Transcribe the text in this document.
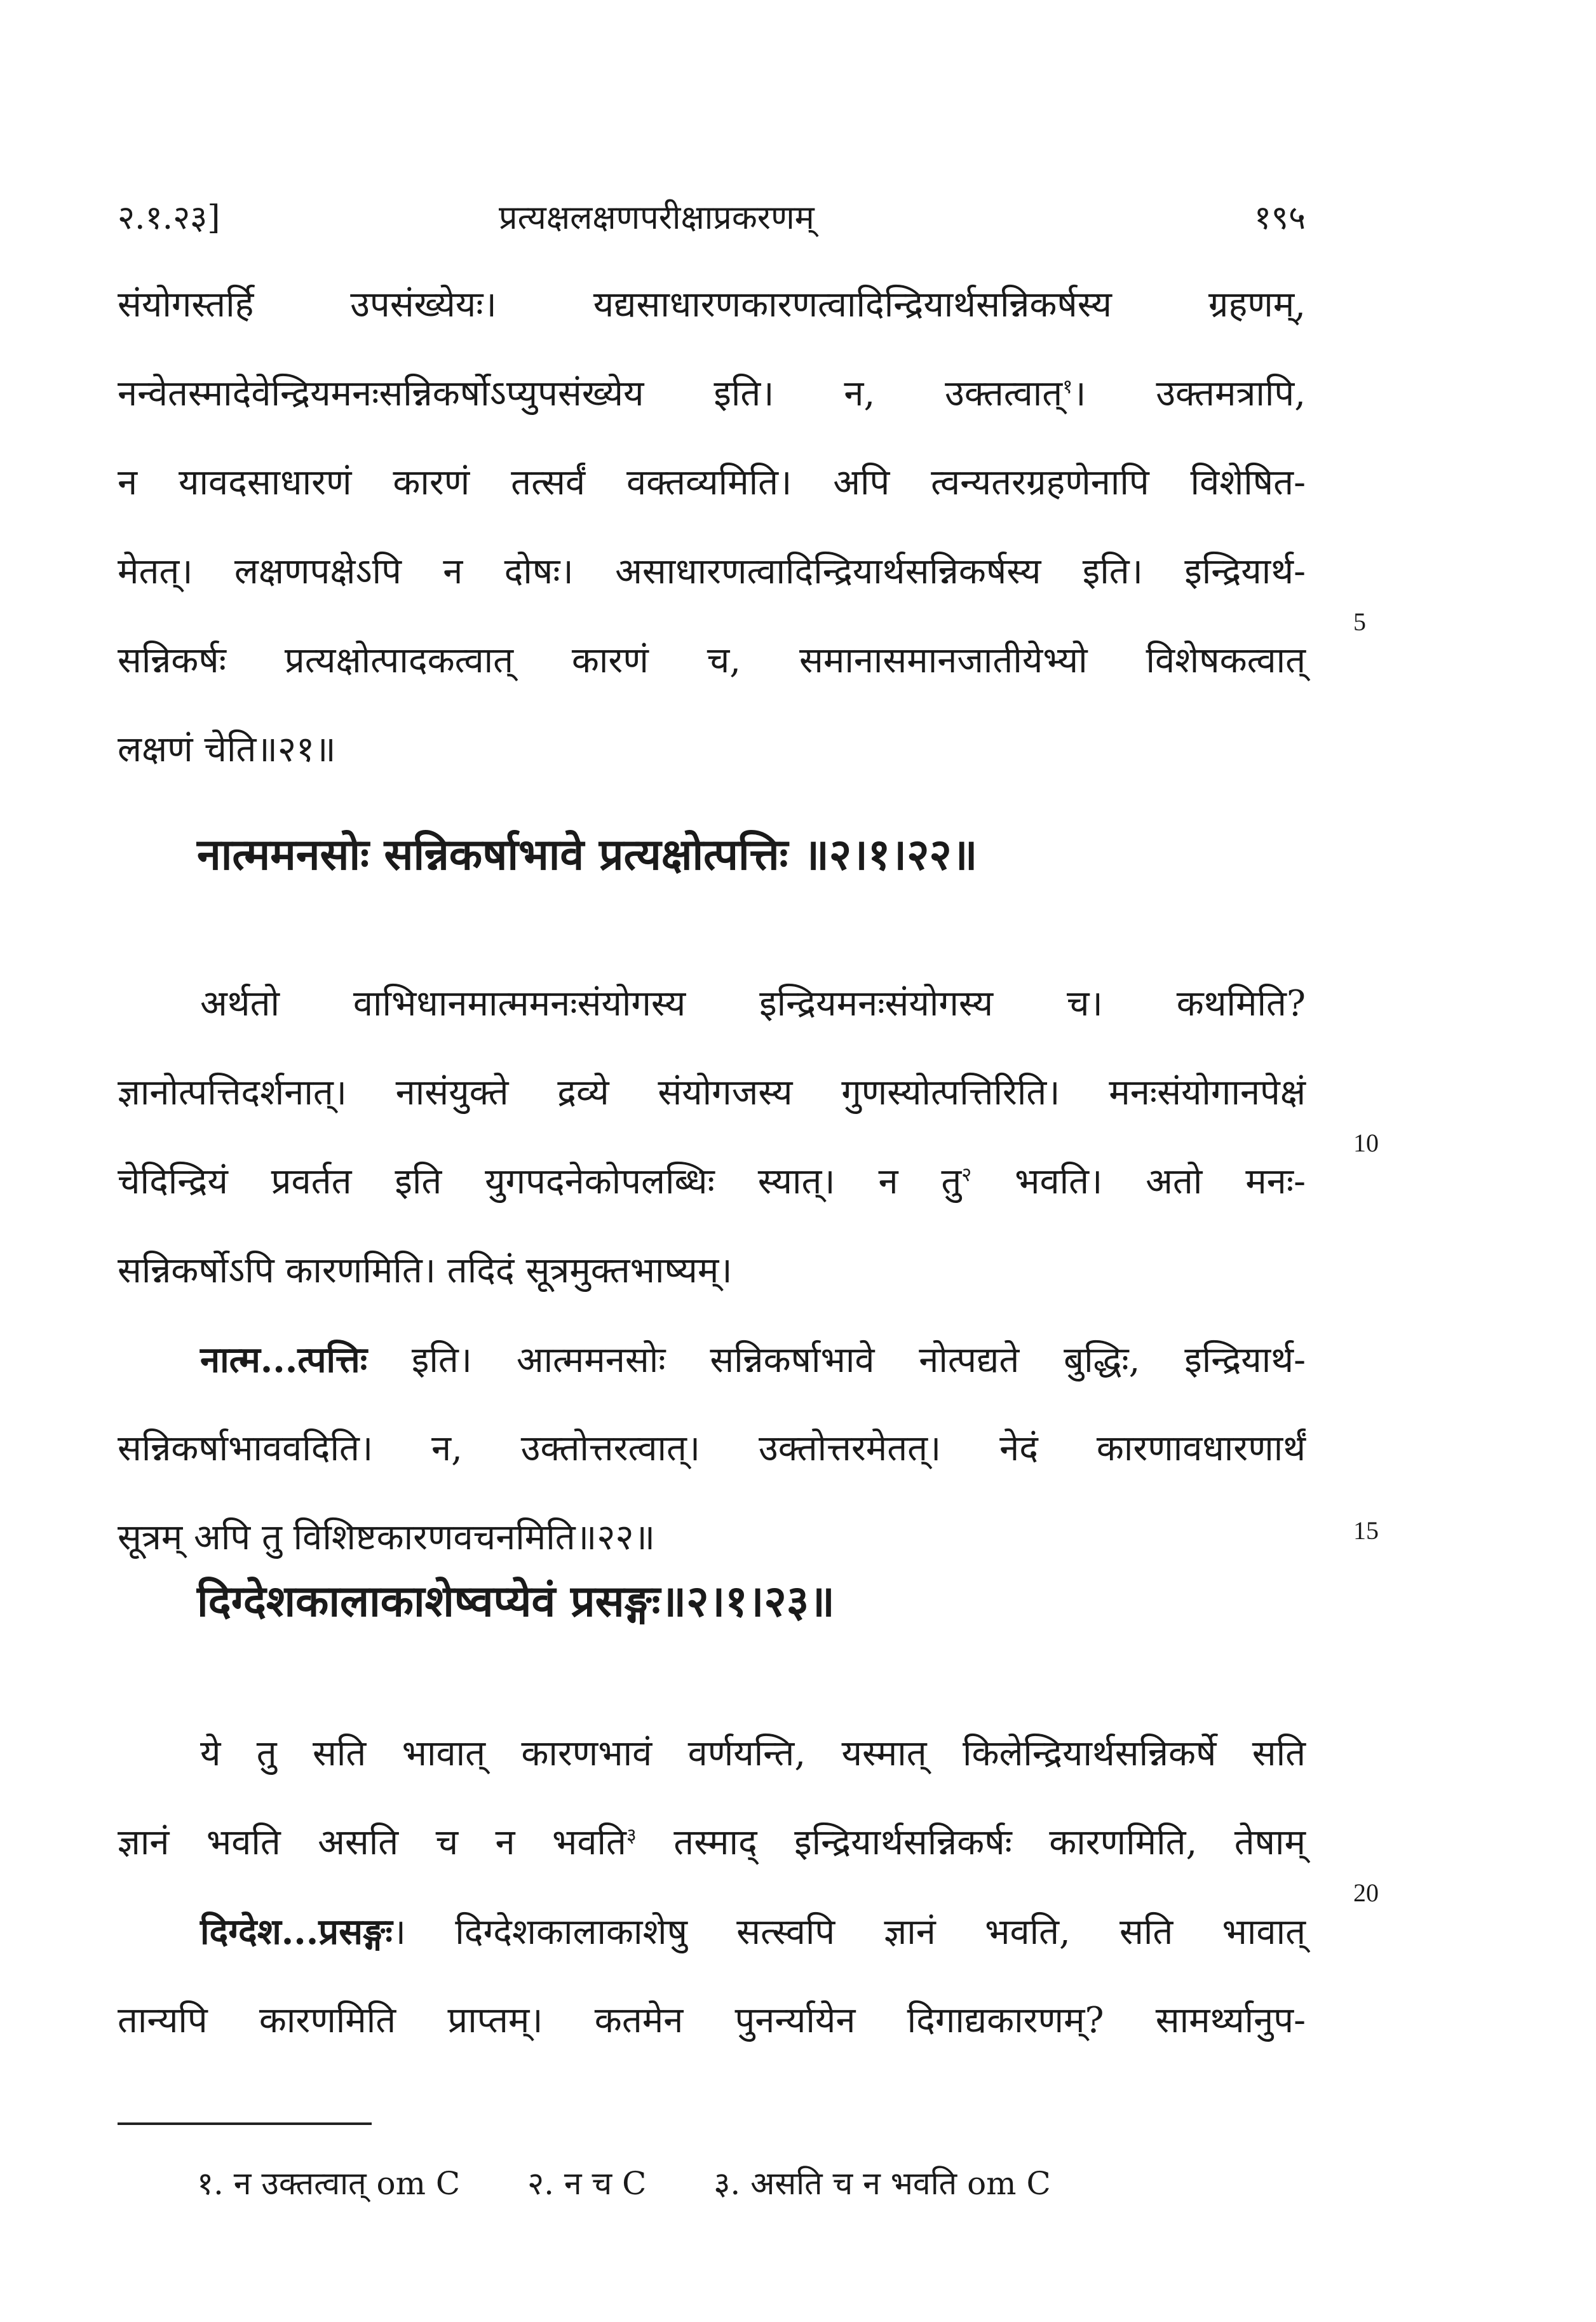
२.१.२३]	प्रत्यक्षलक्षणपरीक्षाप्रकरणम्	१९५
संयोगस्तर्हि उपसंख्येयः। यद्यसाधारणकारणत्वादिन्द्रियार्थसन्निकर्षस्य ग्रहणम्,
नन्वेतस्मादेवेन्द्रियमनःसन्निकर्षोऽप्युपसंख्येय इति। न, उक्तत्वात्$^१$। उक्तमत्रापि,
न यावदसाधारणं कारणं तत्सर्वं वक्तव्यमिति। अपि त्वन्यतरग्रहणेनापि विशेषित-
मेतत्। लक्षणपक्षेऽपि न दोषः। असाधारणत्वादिन्द्रियार्थसन्निकर्षस्य इति। इन्द्रियार्थ-
सन्निकर्षः प्रत्यक्षोत्पादकत्वात् कारणं च, समानासमानजातीयेभ्यो विशेषकत्वात्
लक्षणं चेति॥२१॥
5
नात्ममनसोः सन्निकर्षाभावे प्रत्यक्षोत्पत्तिः ॥२।१।२२॥
अर्थतो वाभिधानमात्ममनःसंयोगस्य इन्द्रियमनःसंयोगस्य च। कथमिति?
ज्ञानोत्पत्तिदर्शनात्। नासंयुक्ते द्रव्ये संयोगजस्य गुणस्योत्पत्तिरिति। मनःसंयोगानपेक्षं
चेदिन्द्रियं प्रवर्तत इति युगपदनेकोपलब्धिः स्यात्। न तु$^२$ भवति। अतो मनः-
सन्निकर्षोऽपि कारणमिति। तदिदं सूत्रमुक्तभाष्यम्।
नात्म...त्पत्तिः इति। आत्ममनसोः सन्निकर्षाभावे नोत्पद्यते बुद्धिः, इन्द्रियार्थ-
सन्निकर्षाभाववदिति। न, उक्तोत्तरत्वात्। उक्तोत्तरमेतत्। नेदं कारणावधारणार्थं
सूत्रम् अपि तु विशिष्टकारणवचनमिति॥२२॥
10
15
दिग्देशकालाकाशेष्वप्येवं प्रसङ्गः॥२।१।२३॥
ये तु सति भावात् कारणभावं वर्णयन्ति, यस्मात् किलेन्द्रियार्थसन्निकर्षे सति
ज्ञानं भवति असति च न भवति$^३$ तस्माद् इन्द्रियार्थसन्निकर्षः कारणमिति, तेषाम्
दिग्देश...प्रसङ्गः। दिग्देशकालाकाशेषु सत्स्वपि ज्ञानं भवति, सति भावात्
तान्यपि कारणमिति प्राप्तम्। कतमेन पुनर्न्यायेन दिगाद्यकारणम्? सामर्थ्यानुप-
20
१. न उक्तत्वात् om C २. न च C ३. असति च न भवति om C
